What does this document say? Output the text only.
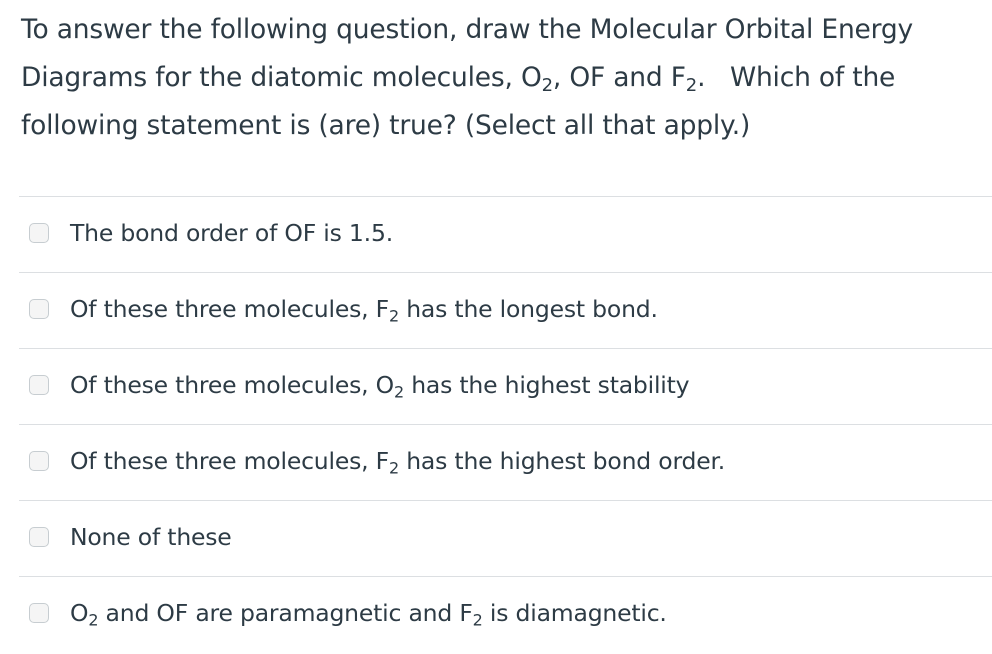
To answer the following question, draw the Molecular Orbital Energy Diagrams for the diatomic molecules, $O_2$, OF and $F_2$.   Which of the following statement is (are) true? (Select all that apply.)
The bond order of OF is 1.5.
Of these three molecules, $F_2$ has the longest bond.
Of these three molecules, $O_2$ has the highest stability
Of these three molecules, $F_2$ has the highest bond order.
None of these
$O_2$ and OF are paramagnetic and $F_2$ is diamagnetic.
